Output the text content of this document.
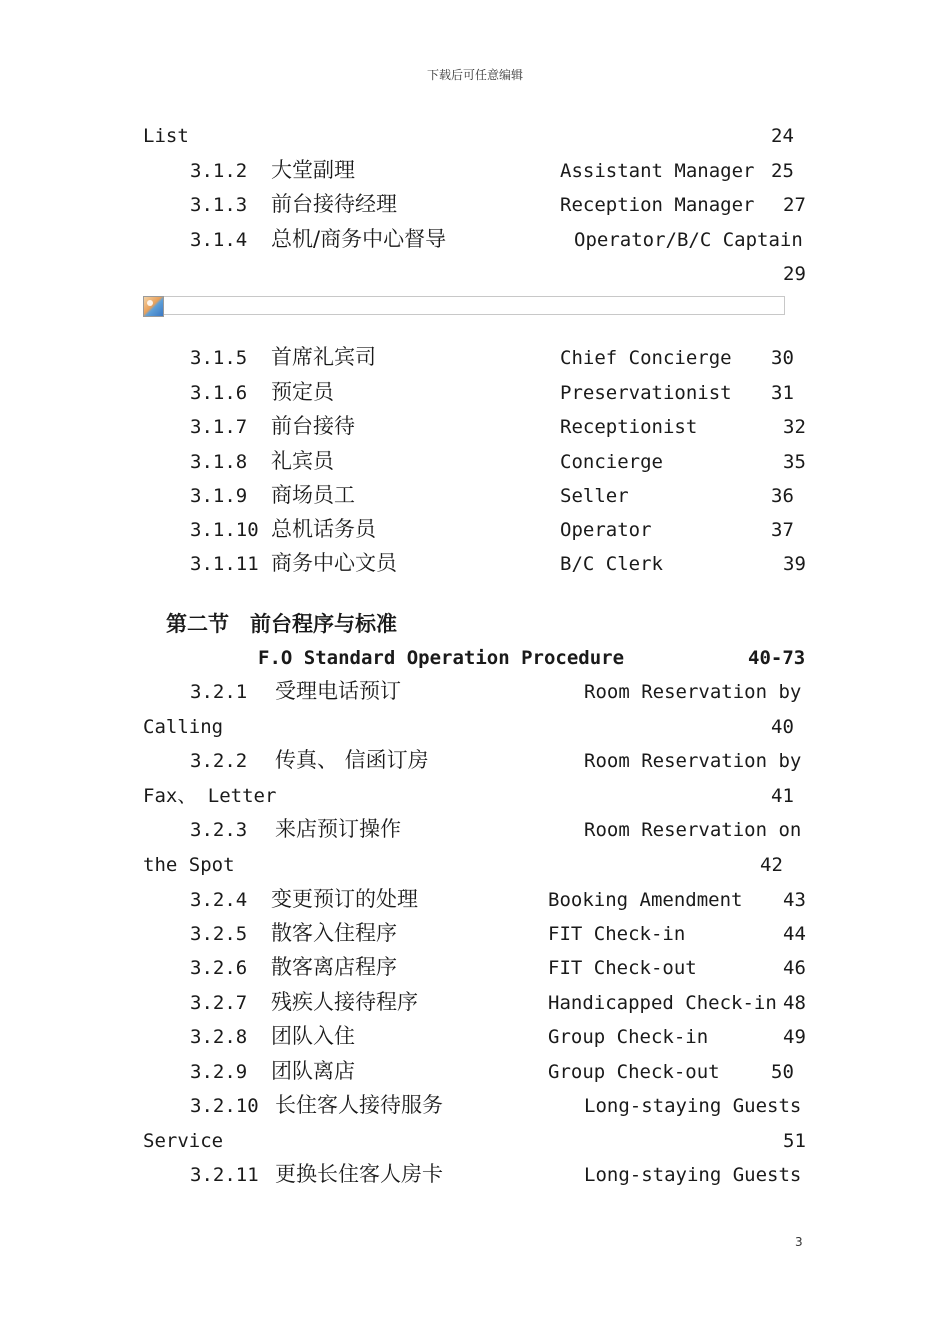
下载后可任意编辑
List	24
3.1.2 大堂副理	Assistant Manager 25
3.1.3 前台接待经理	Reception Manager 27
3.1.4 总机/商务中心督导	Operator/B/C Captain
29
3.1.5 首席礼宾司	Chief Concierge 30
3.1.6 预定员	Preservationist 31
3.1.7 前台接待	Receptionist	32
3.1.8 礼宾员	Concierge	35
3.1.9 商场员工	Seller	36
3.1.10 总机话务员	Operator	37
3.1.11 商务中心文员	B/C Clerk	39
第二节　前台程序与标准
F.O Standard Operation Procedure	40-73
3.2.1 受理电话预订	Room Reservation by
Calling	40
3.2.2 传真、 信函订房	Room Reservation by
Fax、 Letter	41
3.2.3 来店预订操作	Room Reservation on
the Spot	42
3.2.4 变更预订的处理	Booking Amendment 43
3.2.5 散客入住程序	FIT Check-in	44
3.2.6 散客离店程序	FIT Check-out	46
3.2.7 残疾人接待程序	Handicapped Check-in 48
3.2.8 团队入住	Group Check-in	49
3.2.9 团队离店	Group Check-out	50
3.2.10 长住客人接待服务	Long-staying Guests
Service	51
3.2.11 更换长住客人房卡	Long-staying Guests
3
